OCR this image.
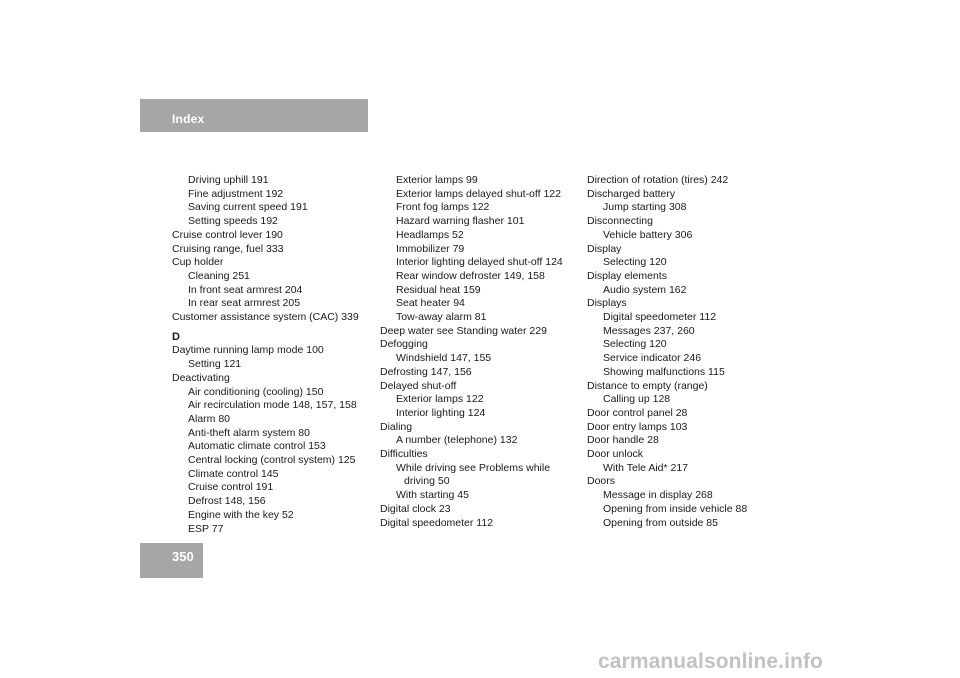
Index
Driving uphill 191
Fine adjustment 192
Saving current speed 191
Setting speeds 192
Cruise control lever 190
Cruising range, fuel 333
Cup holder
Cleaning 251
In front seat armrest 204
In rear seat armrest 205
Customer assistance system (CAC) 339
D
Daytime running lamp mode 100
Setting 121
Deactivating
Air conditioning (cooling) 150
Air recirculation mode 148, 157, 158
Alarm 80
Anti-theft alarm system 80
Automatic climate control 153
Central locking (control system) 125
Climate control 145
Cruise control 191
Defrost 148, 156
Engine with the key 52
ESP 77
Exterior lamps 99
Exterior lamps delayed shut-off 122
Front fog lamps 122
Hazard warning flasher 101
Headlamps 52
Immobilizer 79
Interior lighting delayed shut-off 124
Rear window defroster 149, 158
Residual heat 159
Seat heater 94
Tow-away alarm 81
Deep water see Standing water 229
Defogging
Windshield 147, 155
Defrosting 147, 156
Delayed shut-off
Exterior lamps 122
Interior lighting 124
Dialing
A number (telephone) 132
Difficulties
While driving see Problems while
driving 50
With starting 45
Digital clock 23
Digital speedometer 112
Direction of rotation (tires) 242
Discharged battery
Jump starting 308
Disconnecting
Vehicle battery 306
Display
Selecting 120
Display elements
Audio system 162
Displays
Digital speedometer 112
Messages 237, 260
Selecting 120
Service indicator 246
Showing malfunctions 115
Distance to empty (range)
Calling up 128
Door control panel 28
Door entry lamps 103
Door handle 28
Door unlock
With Tele Aid* 217
Doors
Message in display 268
Opening from inside vehicle 88
Opening from outside 85
350
carmanualsonline.info
